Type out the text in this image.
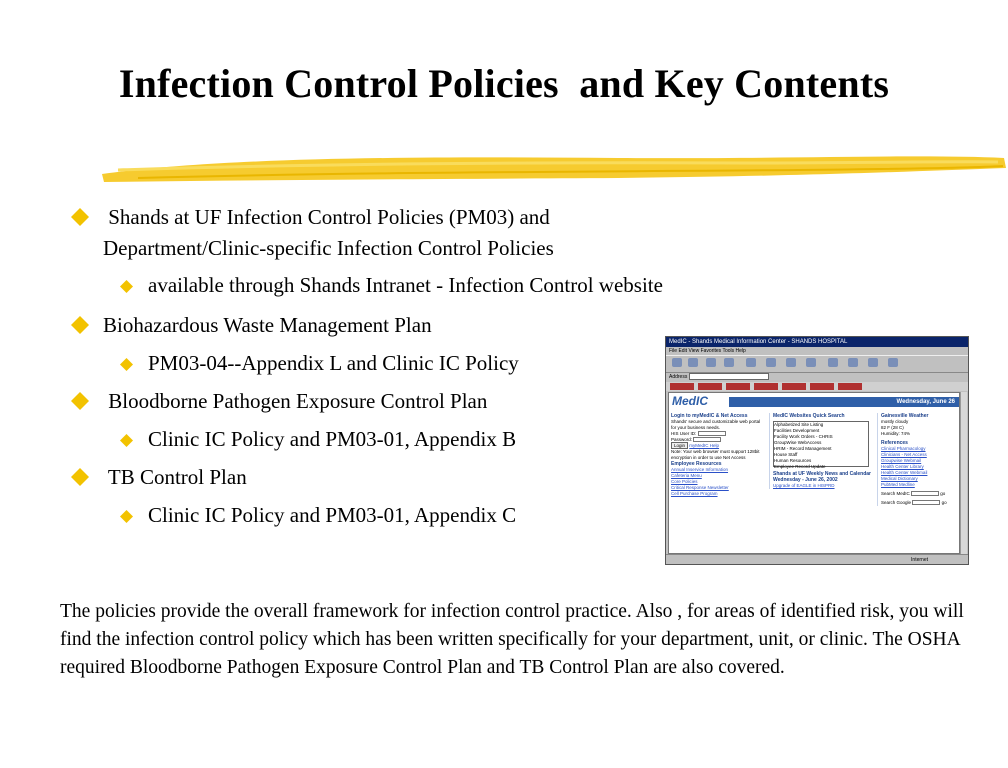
Infection Control Policies  and Key Contents
Shands at UF Infection Control Policies (PM03) and
Department/Clinic-specific Infection Control Policies
available through Shands Intranet - Infection Control website
Biohazardous Waste Management Plan
PM03-04--Appendix L and Clinic IC Policy
Bloodborne Pathogen Exposure Control Plan
Clinic IC Policy and PM03-01, Appendix B
TB Control Plan
Clinic IC Policy and PM03-01, Appendix C
MedIC - Shands Medical Information Center - SHANDS HOSPITAL
File Edit View Favorites Tools Help
Address
MedIC	Wednesday, June 26
Login to myMedIC & Net Access
Shands' secure and customizable web portal for your business needs.
HIS User ID:
Password:
Login myMedIC Help
Note: Your web browser must support 128bit encryption in order to use Net Access
Employee Resources
Annual Inservice Information
Cafeteria Menu
Core Policies
Critical Response Newsletter
Cell Purchase Program
MedIC Websites Quick Search
Alphabetized Site Listing
Facilities Development
Facility Work Orders - CHRIS
GroupWise WebAccess
HRIM - Record Management
House Staff
Human Resources
Employee Record Update
Shands at UF Weekly News and Calendar
Wednesday - June 26, 2002
Upgrade of EAGLE in HISPRD
Gainesville Weather
mostly cloudy
82 F (28 C)
Humidity: 74%
References
Clinical Pharmacology
Clinicians - Net Access
Groupwise Webmail
Health Center Library
Health Center Webmail
Medical Dictionary
PubMed Medline
Search MedIC	go
Search Google	go
Internet
The policies provide the overall framework for infection control practice. Also , for areas of identified risk, you will find the infection control policy which has been written specifically for your department, unit, or clinic. The OSHA required Bloodborne Pathogen Exposure Control Plan and TB Control Plan are also covered.
